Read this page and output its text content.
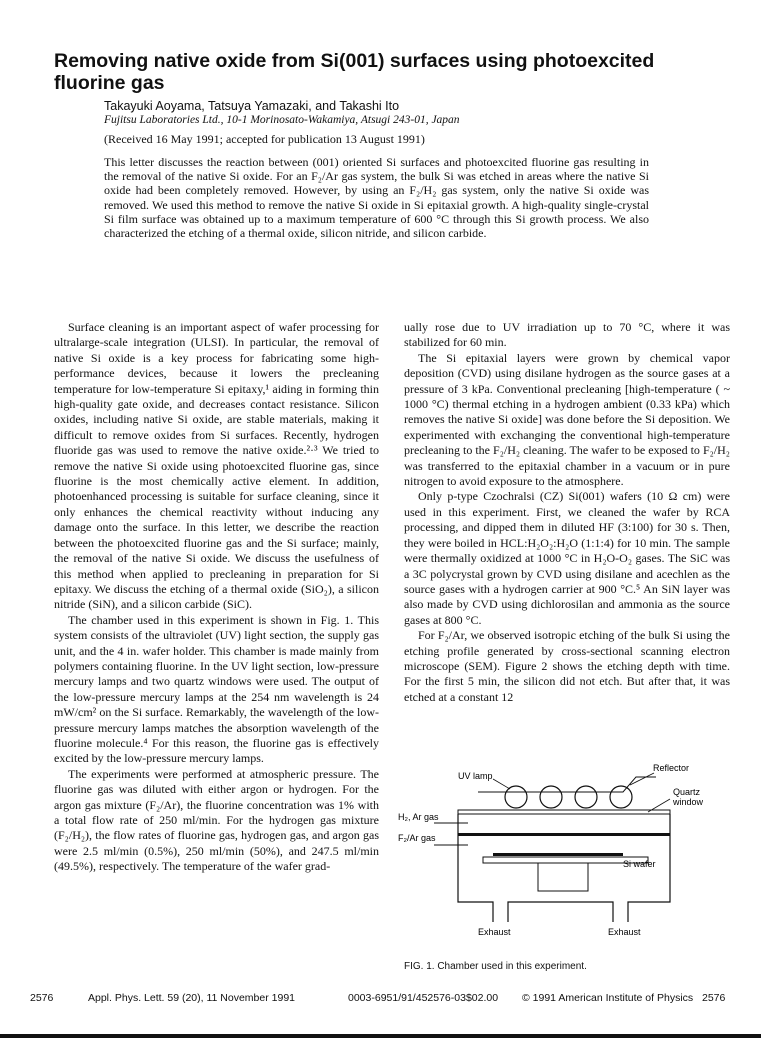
Removing native oxide from Si(001) surfaces using photoexcited fluorine gas
Takayuki Aoyama, Tatsuya Yamazaki, and Takashi Ito
Fujitsu Laboratories Ltd., 10-1 Morinosato-Wakamiya, Atsugi 243-01, Japan
(Received 16 May 1991; accepted for publication 13 August 1991)

This letter discusses the reaction between (001) oriented Si surfaces and photoexcited fluorine gas resulting in the removal of the native Si oxide. For an F₂/Ar gas system, the bulk Si was etched in areas where the native Si oxide had been completely removed. However, by using an F₂/H₂ gas system, only the native Si oxide was removed. We used this method to remove the native Si oxide in Si epitaxial growth. A high-quality single-crystal Si film surface was obtained up to a maximum temperature of 600 °C through this Si growth process. We also characterized the etching of a thermal oxide, silicon nitride, and silicon carbide.

Surface cleaning is an important aspect of wafer processing for ultralarge-scale integration (ULSI). In particular, the removal of native Si oxide is a key process for fabricating some high-performance devices, because it lowers the precleaning temperature for low-temperature Si epitaxy,¹ aiding in forming thin high-quality gate oxide, and decreases contact resistance. Silicon oxides, including native Si oxide, are stable materials, making it difficult to remove oxides from Si surfaces. Recently, hydrogen fluoride gas was used to remove the native oxide.²·³ We tried to remove the native Si oxide using photoexcited fluorine gas, since fluorine is the most chemically active element. In addition, photoenhanced processing is suitable for surface cleaning, since it only enhances the chemical reactivity without inducing any damage onto the surface. In this letter, we describe the reaction between the photoexcited fluorine gas and the Si surface; mainly, the removal of the native Si oxide. We discuss the usefulness of this method when applied to precleaning in preparation for Si epitaxy. We discuss the etching of a thermal oxide (SiO₂), a silicon nitride (SiN), and a silicon carbide (SiC).

The chamber used in this experiment is shown in Fig. 1. This system consists of the ultraviolet (UV) light section, the supply gas unit, and the 4 in. wafer holder. This chamber is made mainly from polymers containing fluorine. In the UV light section, low-pressure mercury lamps and two quartz windows were used. The output of the low-pressure mercury lamps at the 254 nm wavelength is 24 mW/cm² on the Si surface. Remarkably, the wavelength of the low-pressure mercury lamps matches the absorption wavelength of the fluorine molecule.⁴ For this reason, the fluorine gas is effectively excited by the low-pressure mercury lamps.

The experiments were performed at atmospheric pressure. The fluorine gas was diluted with either argon or hydrogen. For the argon gas mixture (F₂/Ar), the fluorine concentration was 1% with a total flow rate of 250 ml/min. For the hydrogen gas mixture (F₂/H₂), the flow rates of fluorine gas, hydrogen gas, and argon gas were 2.5 ml/min (0.5%), 250 ml/min (50%), and 247.5 ml/min (49.5%), respectively. The temperature of the wafer grad-

ually rose due to UV irradiation up to 70 °C, where it was stabilized for 60 min.

The Si epitaxial layers were grown by chemical vapor deposition (CVD) using disilane hydrogen as the source gases at a pressure of 3 kPa. Conventional precleaning [high-temperature ( ~ 1000 °C) thermal etching in a hydrogen ambient (0.33 kPa) which removes the native Si oxide] was done before the Si deposition. We experimented with exchanging the conventional high-temperature precleaning to the F₂/H₂ cleaning. The wafer to be exposed to F₂/H₂ was transferred to the epitaxial chamber in a vacuum or in pure nitrogen to avoid exposure to the atmosphere.

Only p-type Czochralsi (CZ) Si(001) wafers (10 Ω cm) were used in this experiment. First, we cleaned the wafer by RCA processing, and dipped them in diluted HF (3:100) for 30 s. Then, they were boiled in HCL:H₂O₂:H₂O (1:1:4) for 10 min. The sample were thermally oxidized at 1000 °C in H₂O-O₂ gases. The SiC was a 3C polycrystal grown by CVD using disilane and acechlen as the source gases with a hydrogen carrier at 900 °C.⁵ An SiN layer was also made by CVD using dichlorosilan and ammonia as the source gases at 800 °C.

For F₂/Ar, we observed isotropic etching of the bulk Si using the etching profile generated by cross-sectional scanning electron microscope (SEM). Figure 2 shows the etching depth with time. For the first 5 min, the silicon did not etch. But after that, it was etched at a constant 12

Reflector
UV lamp
Quartz window
H₂, Ar gas
F₂/Ar gas
Si wafer
Exhaust	Exhaust
FIG. 1. Chamber used in this experiment.
2576	Appl. Phys. Lett. 59 (20), 11 November 1991	0003-6951/91/452576-03$02.00 © 1991 American Institute of Physics 2576
